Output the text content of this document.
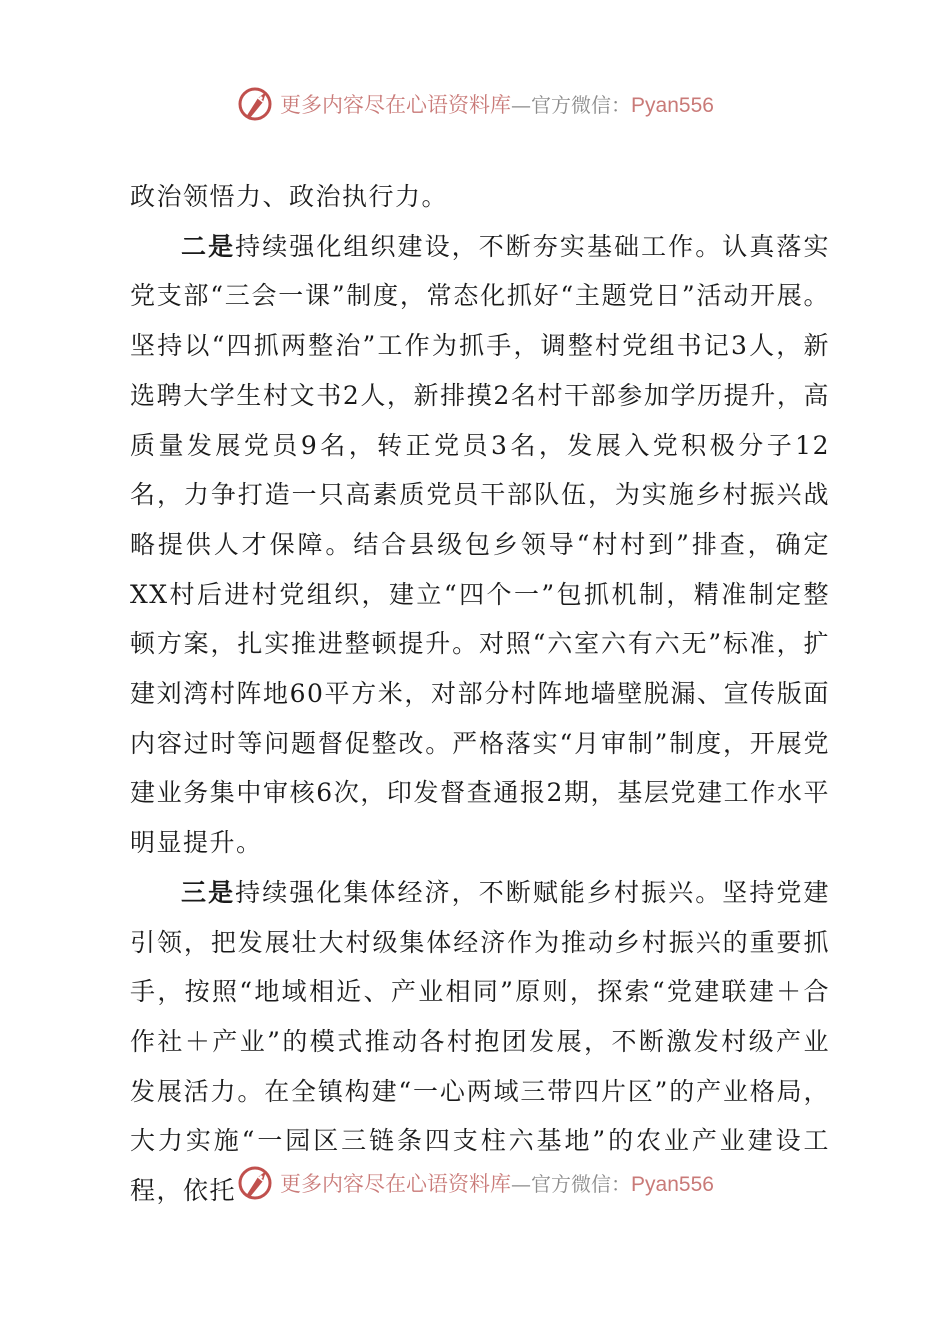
更多内容尽在心语资料库 —官方微信： Pyan556

政治领悟力、政治执行力。

二是持续强化组织建设，不断夯实基础工作。认真落实党支部“三会一课”制度，常态化抓好“主题党日”活动开展。坚持以“四抓两整治”工作为抓手，调整村党组书记3人，新选聘大学生村文书2人，新排摸2名村干部参加学历提升，高质量发展党员9名，转正党员3名，发展入党积极分子12名，力争打造一只高素质党员干部队伍，为实施乡村振兴战略提供人才保障。结合县级包乡领导“村村到”排查，确定XX村后进村党组织，建立“四个一”包抓机制，精准制定整顿方案，扎实推进整顿提升。对照“六室六有六无”标准，扩建刘湾村阵地60平方米，对部分村阵地墙壁脱漏、宣传版面内容过时等问题督促整改。严格落实“月审制”制度，开展党建业务集中审核6次，印发督查通报2期，基层党建工作水平明显提升。

三是持续强化集体经济，不断赋能乡村振兴。坚持党建引领，把发展壮大村级集体经济作为推动乡村振兴的重要抓手，按照“地域相近、产业相同”原则，探索“党建联建＋合作社＋产业”的模式推动各村抱团发展，不断激发村级产业发展活力。在全镇构建“一心两域三带四片区”的产业格局，大力实施“一园区三链条四支柱六基地”的农业产业建设工程，依托	更多内容尽在心语资料库 —官方微信： Pyan556
